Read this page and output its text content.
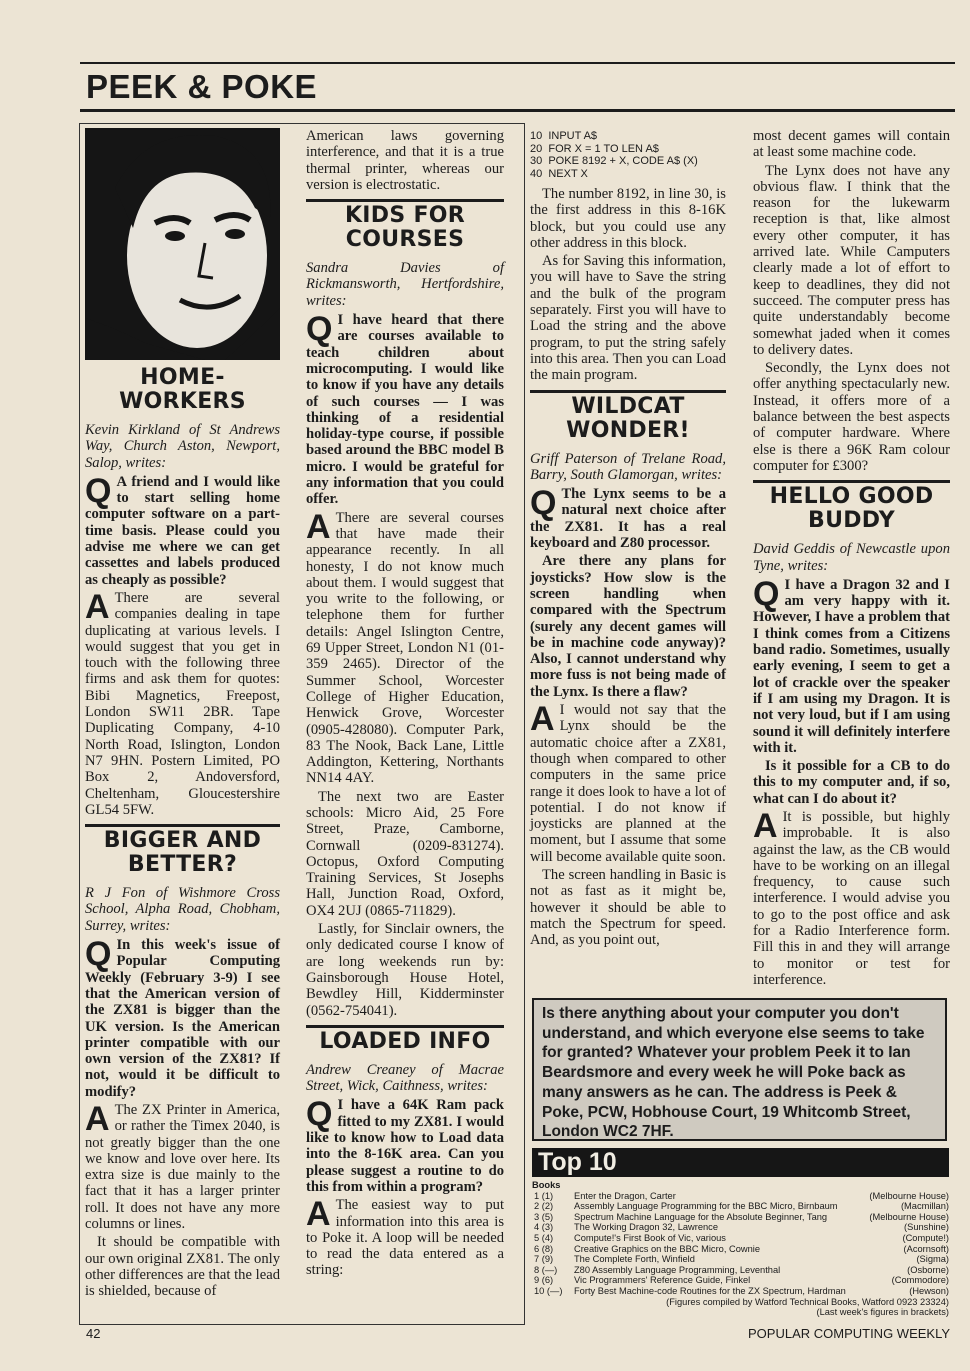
PEEK & POKE
HOME- WORKERS

Kevin Kirkland of St Andrews Way, Church Aston, Newport, Salop, writes:

Q A friend and I would like to start selling home computer software on a part-time basis. Please could you advise me where we can get cassettes and labels produced as cheaply as possible?

A There are several companies dealing in tape duplicating at various levels. I would suggest that you get in touch with the following three firms and ask them for quotes: Bibi Magnetics, Freepost, London SW11 2BR. Tape Duplicating Company, 4-10 North Road, Islington, London N7 9HN. Postern Limited, PO Box 2, Andoversford, Cheltenham, Gloucestershire GL54 5FW.

BIGGER AND BETTER?

R J Fon of Wishmore Cross School, Alpha Road, Chobham, Surrey, writes:

Q In this week's issue of Popular Computing Weekly (February 3-9) I see that the American version of the ZX81 is bigger than the UK version. Is the American printer compatible with our own version of the ZX81? If not, would it be difficult to modify?

A The ZX Printer in America, or rather the Timex 2040, is not greatly bigger than the one we know and love over here. Its extra size is due mainly to the fact that it has a larger printer roll. It does not have any more columns or lines.

It should be compatible with our own original ZX81. The only other differences are that the lead is shielded, because of

American laws governing interference, and that it is a true thermal printer, whereas our version is electrostatic.

KIDS FOR COURSES

Sandra Davies of Rickmansworth, Hertfordshire, writes:

Q I have heard that there are courses available to teach children about microcomputing. I would like to know if you have any details of such courses — I was thinking of a residential holiday-type course, if possible based around the BBC model B micro. I would be grateful for any information that you could offer.

A There are several courses that have made their appearance recently. In all honesty, I do not know much about them. I would suggest that you write to the following, or telephone them for further details: Angel Islington Centre, 69 Upper Street, London N1 (01-359 2465). Director of the Summer School, Worcester College of Higher Education, Henwick Grove, Worcester (0905-428080). Computer Park, 83 The Nook, Back Lane, Little Addington, Kettering, Northants NN14 4AY.

The next two are Easter schools: Micro Aid, 25 Fore Street, Praze, Camborne, Cornwall (0209-831274). Octopus, Oxford Computing Training Services, St Josephs Hall, Junction Road, Oxford, OX4 2UJ (0865-711829).

Lastly, for Sinclair owners, the only dedicated course I know of are long weekends run by: Gainsborough House Hotel, Bewdley Hill, Kidderminster (0562-754041).

LOADED INFO

Andrew Creaney of Macrae Street, Wick, Caithness, writes:

Q I have a 64K Ram pack fitted to my ZX81. I would like to know how to Load data into the 8-16K area. Can you please suggest a routine to do this from within a program?

A The easiest way to put information into this area is to Poke it. A loop will be needed to read the data entered as a string:

10  INPUT A$
20  FOR X = 1 TO LEN A$
30  POKE 8192 + X, CODE A$ (X)
40  NEXT X

The number 8192, in line 30, is the first address in this 8-16K block, but you could use any other address in this block.

As for Saving this information, you will have to Save the string and the bulk of the program separately. First you will have to Load the string and the above program, to put the string safely into this area. Then you can Load the main program.

WILDCAT WONDER!

Griff Paterson of Trelane Road, Barry, South Glamorgan, writes:

Q The Lynx seems to be a natural next choice after the ZX81. It has a real keyboard and Z80 processor.

Are there any plans for joysticks? How slow is the screen handling when compared with the Spectrum (surely any decent games will be in machine code anyway)? Also, I cannot understand why more fuss is not being made of the Lynx. Is there a flaw?

A I would not say that the Lynx should be the automatic choice after a ZX81, though when compared to other computers in the same price range it does look to have a lot of potential. I do not know if joysticks are planned at the moment, but I assume that some will become available quite soon.

The screen handling in Basic is not as fast as it might be, however it should be able to match the Spectrum for speed. And, as you point out,

most decent games will contain at least some machine code.

The Lynx does not have any obvious flaw. I think that the reason for the lukewarm reception is that, like almost every other computer, it has arrived late. While Camputers clearly made a lot of effort to keep to deadlines, they did not succeed. The computer press has quite understandably become somewhat jaded when it comes to delivery dates.

Secondly, the Lynx does not offer anything spectacularly new. Instead, it offers more of a balance between the best aspects of computer hardware. Where else is there a 96K Ram colour computer for £300?

HELLO GOOD BUDDY

David Geddis of Newcastle upon Tyne, writes:

Q I have a Dragon 32 and I am very happy with it. However, I have a problem that I think comes from a Citizens band radio. Sometimes, usually early evening, I seem to get a lot of crackle over the speaker if I am using my Dragon. It is not very loud, but if I am using sound it will definitely interfere with it.

Is it possible for a CB to do this to my computer and, if so, what can I do about it?

A It is possible, but highly improbable. It is also against the law, as the CB would have to be working on an illegal frequency, to cause such interference. I would advise you to go to the post office and ask for a Radio Interference form. Fill this in and they will arrange to monitor or test for interference.

Is there anything about your computer you don't understand, and which everyone else seems to take for granted? Whatever your problem Peek it to Ian Beardsmore and every week he will Poke back as many answers as he can. The address is Peek & Poke, PCW, Hobhouse Court, 19 Whitcomb Street, London WC2 7HF.
Top 10
Books
1 (1)	Enter the Dragon, Carter	(Melbourne House)
2 (2)	Assembly Language Programming for the BBC Micro, Birnbaum	(Macmillan)
3 (5)	Spectrum Machine Language for the Absolute Beginner, Tang	(Melbourne House)
4 (3)	The Working Dragon 32, Lawrence	(Sunshine)
5 (4)	Compute!'s First Book of Vic, various	(Compute!)
6 (8)	Creative Graphics on the BBC Micro, Cownie	(Acornsoft)
7 (9)	The Complete Forth, Winfield	(Sigma)
8 (—)	Z80 Assembly Language Programming, Leventhal	(Osborne)
9 (6)	Vic Programmers' Reference Guide, Finkel	(Commodore)
10 (—)	Forty Best Machine-code Routines for the ZX Spectrum, Hardman	(Hewson)
(Figures compiled by Watford Technical Books, Watford 0923 23324)
(Last week's figures in brackets)
42	POPULAR COMPUTING WEEKLY
